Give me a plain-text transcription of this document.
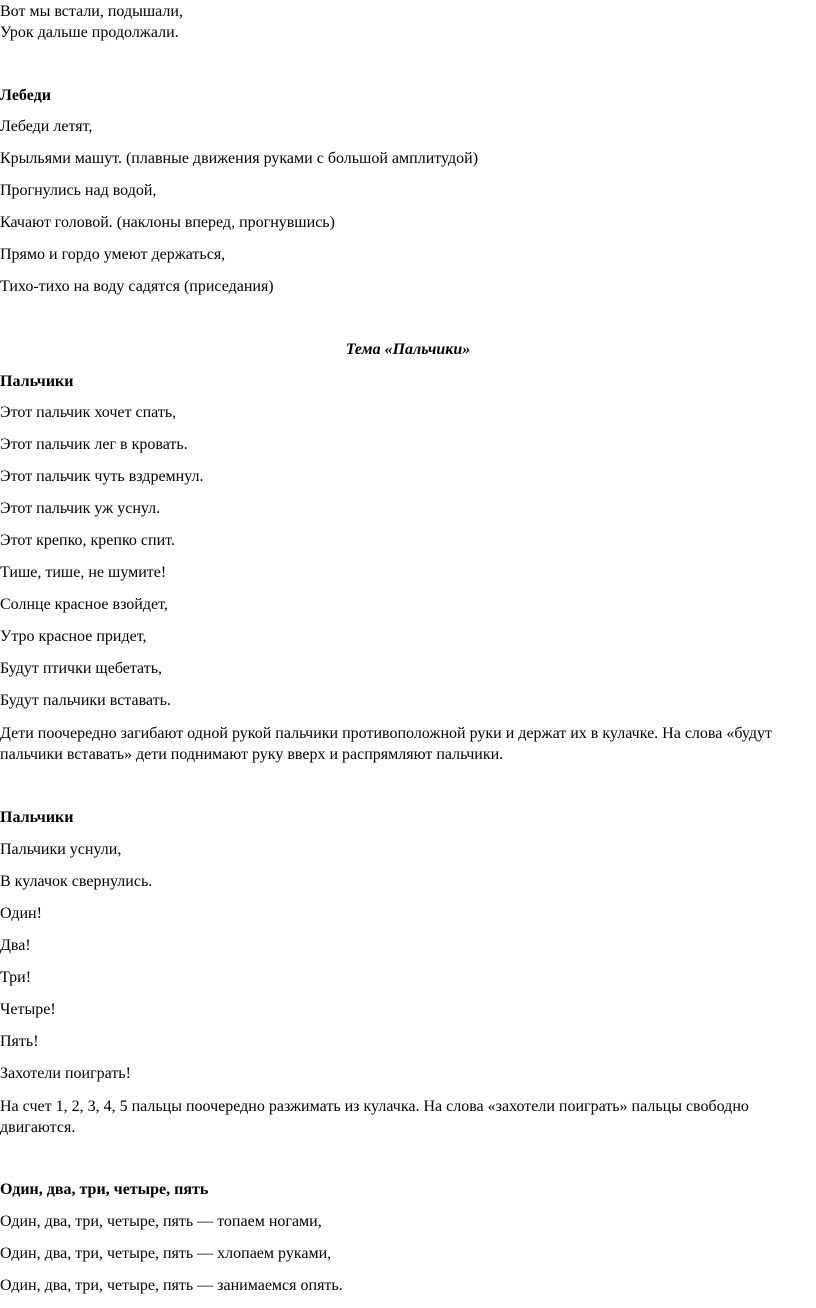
Вот мы встали, подышали,

Урок дальше продолжали.

Лебеди

Лебеди летят,

Крыльями машут. (плавные движения руками с большой амплитудой)

Прогнулись над водой,

Качают головой. (наклоны вперед, прогнувшись)

Прямо и гордо умеют держаться,

Тихо-тихо на воду садятся (приседания)

Тема «Пальчики»

Пальчики

Этот пальчик хочет спать,

Этот пальчик лег в кровать.

Этот пальчик чуть вздремнул.

Этот пальчик уж уснул.

Этот крепко, крепко спит.

Тише, тише, не шумите!

Солнце красное взойдет,

Утро красное придет,

Будут птички щебетать,

Будут пальчики вставать.

Дети поочередно загибают одной рукой пальчики противоположной руки и держат их в кулачке. На слова «будут пальчики вставать» дети поднимают руку вверх и распрямляют пальчики.

Пальчики

Пальчики уснули,

В кулачок свернулись.

Один!

Два!

Три!

Четыре!

Пять!

Захотели поиграть!

На счет 1, 2, 3, 4, 5 пальцы поочередно разжимать из кулачка. На слова «захотели поиграть» пальцы свободно двигаются.

Один, два, три, четыре, пять

Один, два, три, четыре, пять — топаем ногами,

Один, два, три, четыре, пять — хлопаем руками,

Один, два, три, четыре, пять — занимаемся опять.
